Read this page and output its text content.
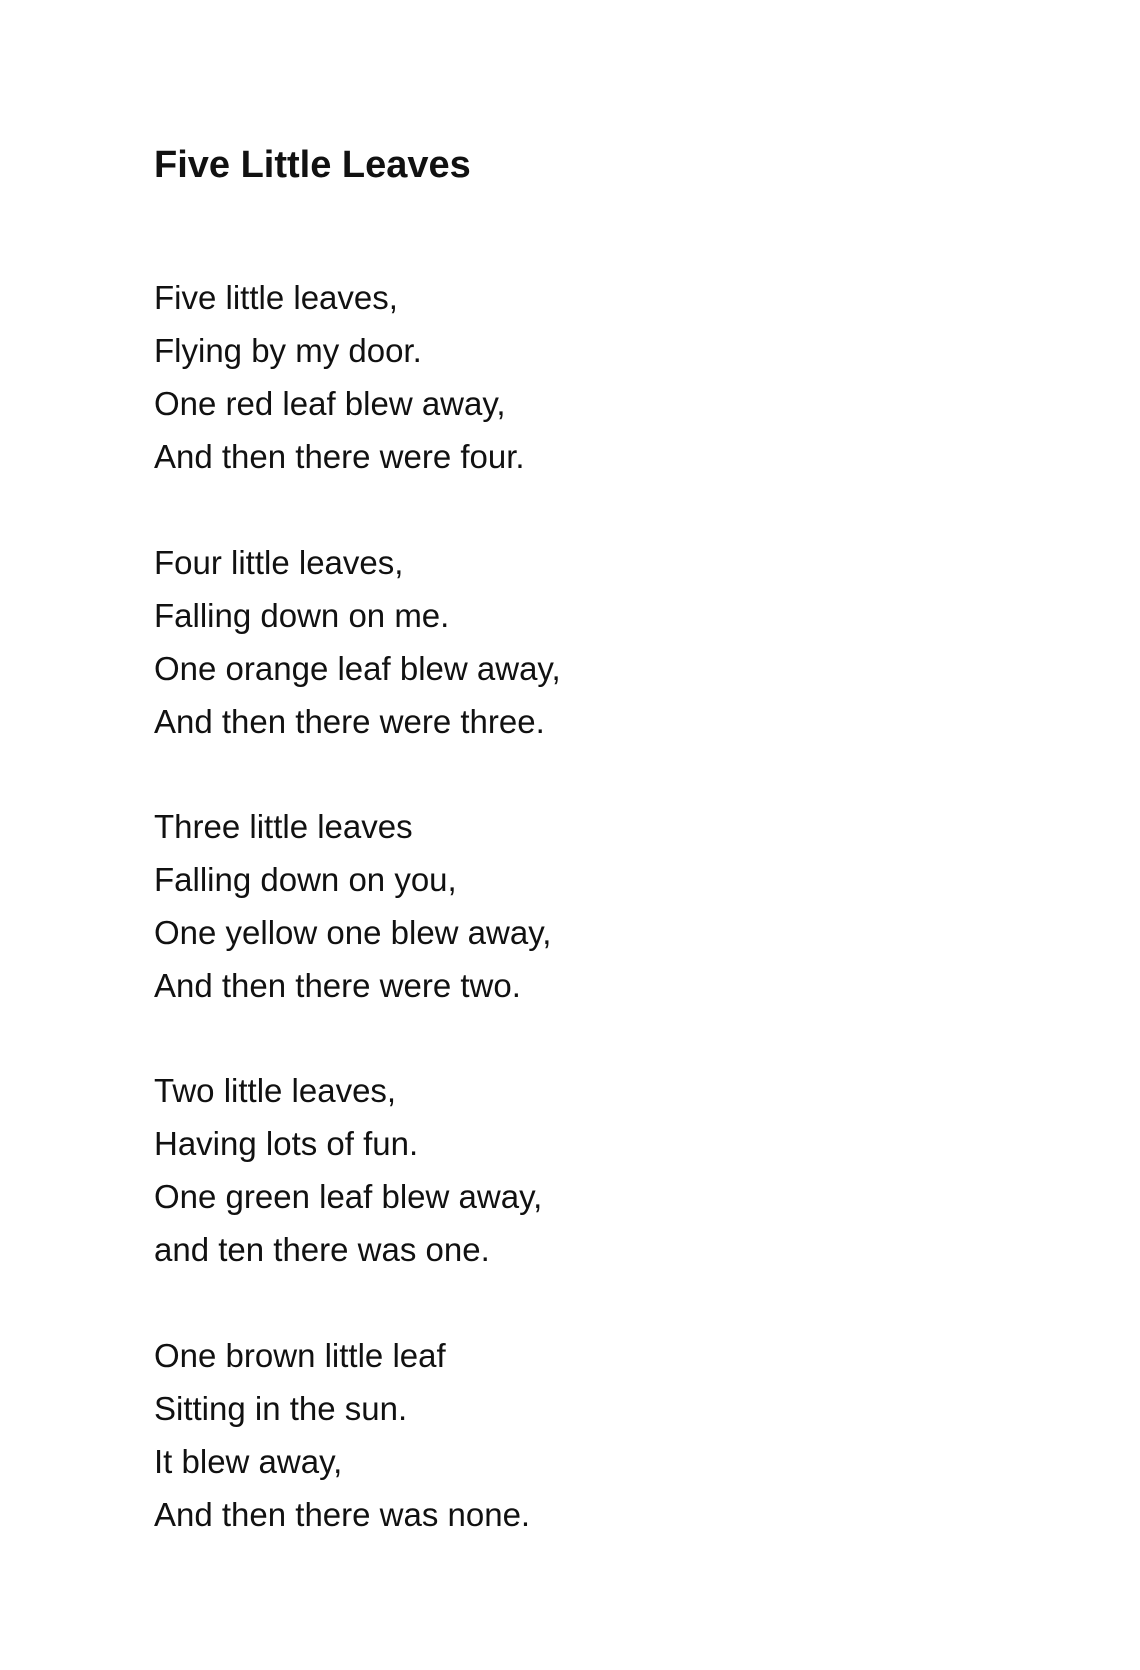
Five Little Leaves
Five little leaves,
Flying by my door.
One red leaf blew away,
And then there were four.
Four little leaves,
Falling down on me.
One orange leaf blew away,
And then there were three.
Three little leaves
Falling down on you,
One yellow one blew away,
And then there were two.
Two little leaves,
Having lots of fun.
One green leaf blew away,
and ten there was one.
One brown little leaf
Sitting in the sun.
It blew away,
And then there was none.
